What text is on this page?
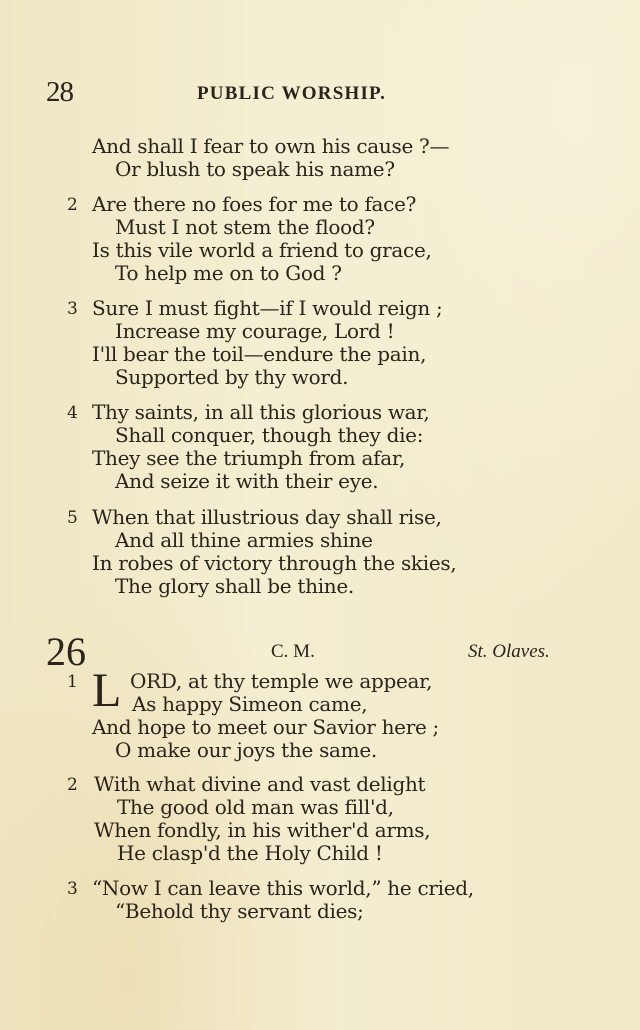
28	PUBLIC WORSHIP.
And shall I fear to own his cause ?—
Or blush to speak his name?
2 Are there no foes for me to face?
Must I not stem the flood?
Is this vile world a friend to grace,
To help me on to God ?
3 Sure I must fight—if I would reign ;
Increase my courage, Lord !
I'll bear the toil—endure the pain,
Supported by thy word.
4 Thy saints, in all this glorious war,
Shall conquer, though they die:
They see the triumph from afar,
And seize it with their eye.
5 When that illustrious day shall rise,
And all thine armies shine
In robes of victory through the skies,
The glory shall be thine.
26	C. M.	St. Olaves.
1 L ORD, at thy temple we appear,
As happy Simeon came,
And hope to meet our Savior here ;
O make our joys the same.
2 With what divine and vast delight
The good old man was fill'd,
When fondly, in his wither'd arms,
He clasp'd the Holy Child !
3 “Now I can leave this world,” he cried,
“Behold thy servant dies;
